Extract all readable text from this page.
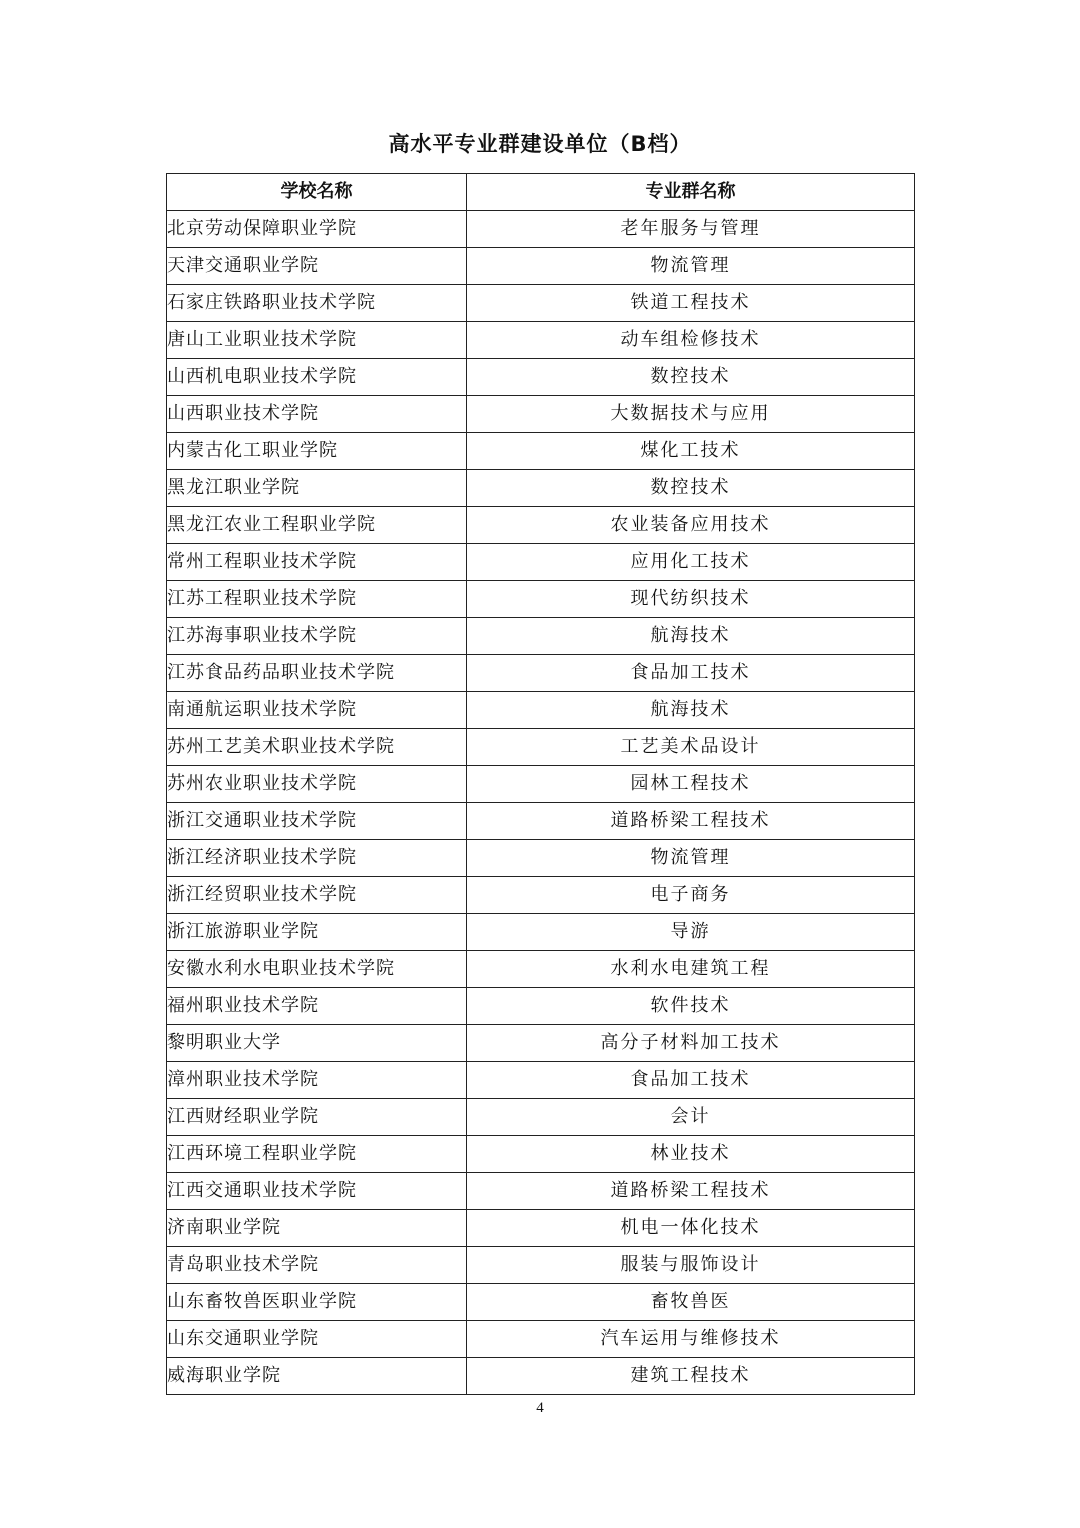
高水平专业群建设单位（B档）
学校名称	专业群名称
北京劳动保障职业学院	老年服务与管理
天津交通职业学院	物流管理
石家庄铁路职业技术学院	铁道工程技术
唐山工业职业技术学院	动车组检修技术
山西机电职业技术学院	数控技术
山西职业技术学院	大数据技术与应用
内蒙古化工职业学院	煤化工技术
黑龙江职业学院	数控技术
黑龙江农业工程职业学院	农业装备应用技术
常州工程职业技术学院	应用化工技术
江苏工程职业技术学院	现代纺织技术
江苏海事职业技术学院	航海技术
江苏食品药品职业技术学院	食品加工技术
南通航运职业技术学院	航海技术
苏州工艺美术职业技术学院	工艺美术品设计
苏州农业职业技术学院	园林工程技术
浙江交通职业技术学院	道路桥梁工程技术
浙江经济职业技术学院	物流管理
浙江经贸职业技术学院	电子商务
浙江旅游职业学院	导游
安徽水利水电职业技术学院	水利水电建筑工程
福州职业技术学院	软件技术
黎明职业大学	高分子材料加工技术
漳州职业技术学院	食品加工技术
江西财经职业学院	会计
江西环境工程职业学院	林业技术
江西交通职业技术学院	道路桥梁工程技术
济南职业学院	机电一体化技术
青岛职业技术学院	服装与服饰设计
山东畜牧兽医职业学院	畜牧兽医
山东交通职业学院	汽车运用与维修技术
威海职业学院	建筑工程技术
4
